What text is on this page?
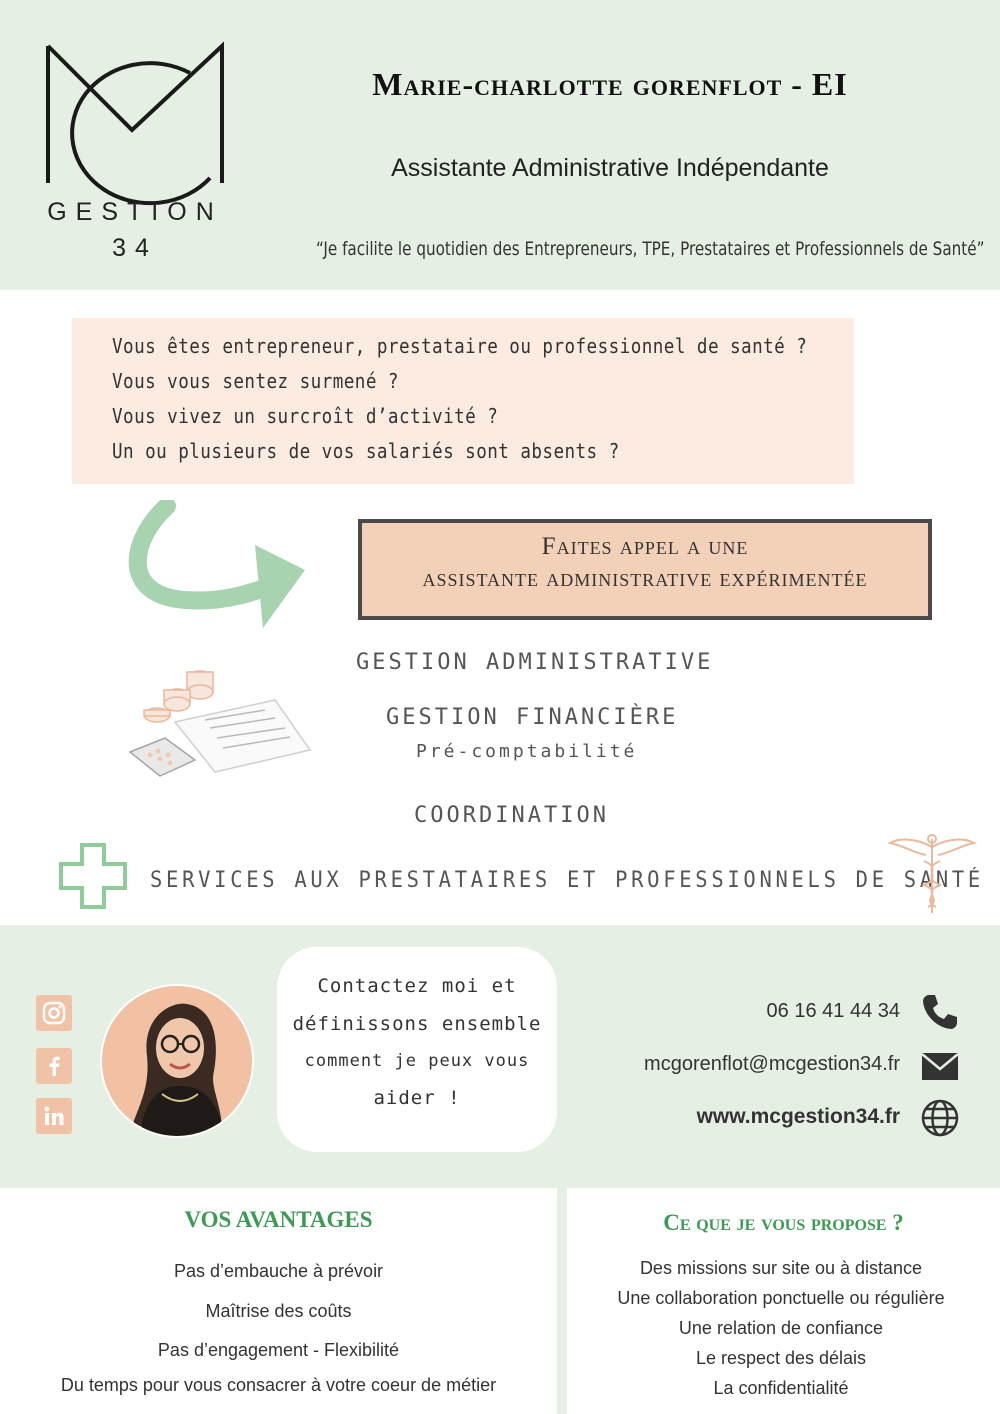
GESTION
34
Marie-charlotte gorenflot - EI
Assistante Administrative Indépendante
“Je facilite le quotidien des Entrepreneurs, TPE, Prestataires et Professionnels de Santé”
Vous êtes entrepreneur, prestataire ou professionnel de santé ?
Vous vous sentez surmené ?
Vous vivez un surcroît d’activité ?
Un ou plusieurs de vos salariés sont absents ?
Faites appel a une
assistante administrative expérimentée
GESTION ADMINISTRATIVE
GESTION FINANCIÈRE
Pré-comptabilité
COORDINATION
SERVICES AUX PRESTATAIRES ET PROFESSIONNELS DE SANTÉ
Contactez moi et
définissons ensemble
comment je peux vous
aider !
06 16 41 44 34
mcgorenflot@mcgestion34.fr
www.mcgestion34.fr
VOS AVANTAGES
Pas d’embauche à prévoir
Maîtrise des coûts
Pas d’engagement - Flexibilité
Du temps pour vous consacrer à votre coeur de métier
Ce que je vous propose ?
Des missions sur site ou à distance
Une collaboration ponctuelle ou régulière
Une relation de confiance
Le respect des délais
La confidentialité
